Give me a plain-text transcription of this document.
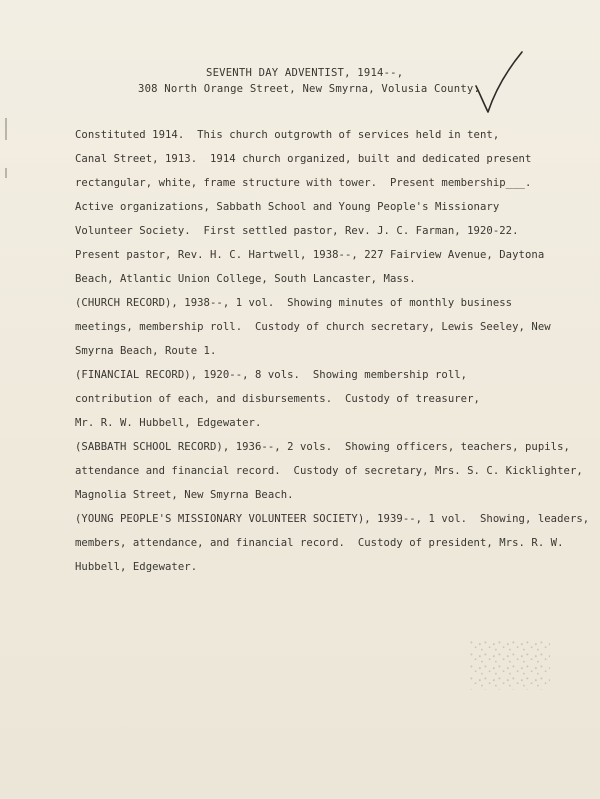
SEVENTH DAY ADVENTIST, 1914--,
308 North Orange Street, New Smyrna, Volusia County.
Constituted 1914.  This church outgrowth of services held in tent,
Canal Street, 1913.  1914 church organized, built and dedicated present
rectangular, white, frame structure with tower.  Present membership___.
Active organizations, Sabbath School and Young People's Missionary
Volunteer Society.  First settled pastor, Rev. J. C. Farman, 1920-22.
Present pastor, Rev. H. C. Hartwell, 1938--, 227 Fairview Avenue, Daytona
Beach, Atlantic Union College, South Lancaster, Mass.
(CHURCH RECORD), 1938--, 1 vol.  Showing minutes of monthly business
meetings, membership roll.  Custody of church secretary, Lewis Seeley, New
Smyrna Beach, Route 1.
(FINANCIAL RECORD), 1920--, 8 vols.  Showing membership roll,
contribution of each, and disbursements.  Custody of treasurer,
Mr. R. W. Hubbell, Edgewater.
(SABBATH SCHOOL RECORD), 1936--, 2 vols.  Showing officers, teachers, pupils,
attendance and financial record.  Custody of secretary, Mrs. S. C. Kicklighter,
Magnolia Street, New Smyrna Beach.
(YOUNG PEOPLE'S MISSIONARY VOLUNTEER SOCIETY), 1939--, 1 vol.  Showing, leaders,
members, attendance, and financial record.  Custody of president, Mrs. R. W.
Hubbell, Edgewater.
